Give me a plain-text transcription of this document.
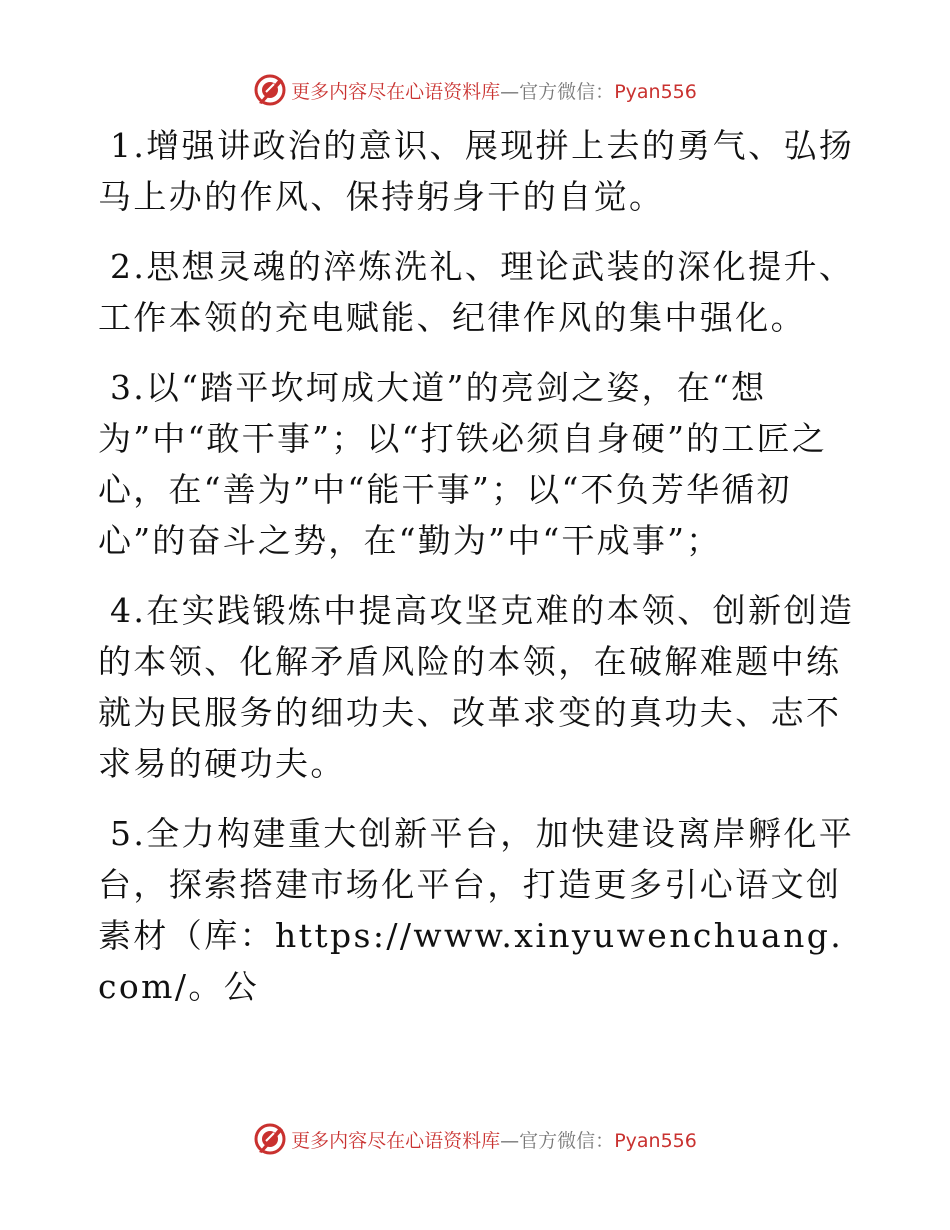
更多内容尽在心语资料库—官方微信：Pyan556

1.增强讲政治的意识、展现拼上去的勇气、弘扬马上办的作风、保持躬身干的自觉。

2.思想灵魂的淬炼洗礼、理论武装的深化提升、工作本领的充电赋能、纪律作风的集中强化。

3.以“踏平坎坷成大道”的亮剑之姿，在“想为”中“敢干事”；以“打铁必须自身硬”的工匠之心，在“善为”中“能干事”；以“不负芳华循初心”的奋斗之势，在“勤为”中“干成事”；

4.在实践锻炼中提高攻坚克难的本领、创新创造的本领、化解矛盾风险的本领，在破解难题中练就为民服务的细功夫、改革求变的真功夫、志不求易的硬功夫。

5.全力构建重大创新平台，加快建设离岸孵化平台，探索搭建市场化平台，打造更多引心语文创素材（库：https://www.xinyuwenchuang.com/。公

更多内容尽在心语资料库—官方微信：Pyan556
